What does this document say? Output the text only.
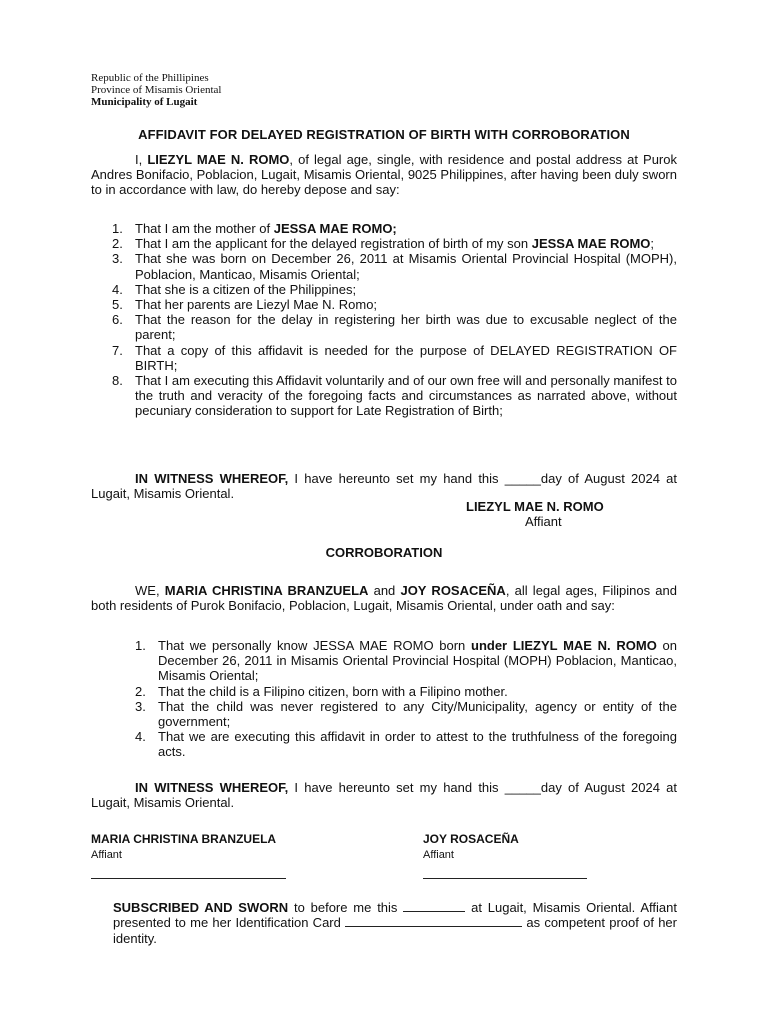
Republic of the Phillipines
Province of Misamis Oriental
Municipality of Lugait
AFFIDAVIT FOR DELAYED REGISTRATION OF BIRTH WITH CORROBORATION
I, LIEZYL MAE N. ROMO, of legal age, single, with residence and postal address at Purok Andres Bonifacio, Poblacion, Lugait, Misamis Oriental, 9025 Philippines, after having been duly sworn to in accordance with law, do hereby depose and say:
1. That I am the mother of JESSA MAE ROMO;
2. That I am the applicant for the delayed registration of birth of my son JESSA MAE ROMO;
3. That she was born on December 26, 2011 at Misamis Oriental Provincial Hospital (MOPH), Poblacion, Manticao, Misamis Oriental;
4. That she is a citizen of the Philippines;
5. That her parents are Liezyl Mae N. Romo;
6. That the reason for the delay in registering her birth was due to excusable neglect of the parent;
7. That a copy of this affidavit is needed for the purpose of DELAYED REGISTRATION OF BIRTH;
8. That I am executing this Affidavit voluntarily and of our own free will and personally manifest to the truth and veracity of the foregoing facts and circumstances as narrated above, without pecuniary consideration to support for Late Registration of Birth;
IN WITNESS WHEREOF, I have hereunto set my hand this _____day of August 2024 at Lugait, Misamis Oriental.
LIEZYL MAE N. ROMO
Affiant
CORROBORATION
WE, MARIA CHRISTINA BRANZUELA and JOY ROSACEÑA, all legal ages, Filipinos and both residents of Purok Bonifacio, Poblacion, Lugait, Misamis Oriental, under oath and say:
1. That we personally know JESSA MAE ROMO born under LIEZYL MAE N. ROMO on December 26, 2011 in Misamis Oriental Provincial Hospital (MOPH) Poblacion, Manticao, Misamis Oriental;
2. That the child is a Filipino citizen, born with a Filipino mother.
3. That the child was never registered to any City/Municipality, agency or entity of the government;
4. That we are executing this affidavit in order to attest to the truthfulness of the foregoing acts.
IN WITNESS WHEREOF, I have hereunto set my hand this _____day of August 2024 at Lugait, Misamis Oriental.
MARIA CHRISTINA BRANZUELA
Affiant
JOY ROSACEÑA
Affiant
SUBSCRIBED AND SWORN to before me this	at Lugait, Misamis Oriental. Affiant presented to me her Identification Card	as competent proof of her identity.
